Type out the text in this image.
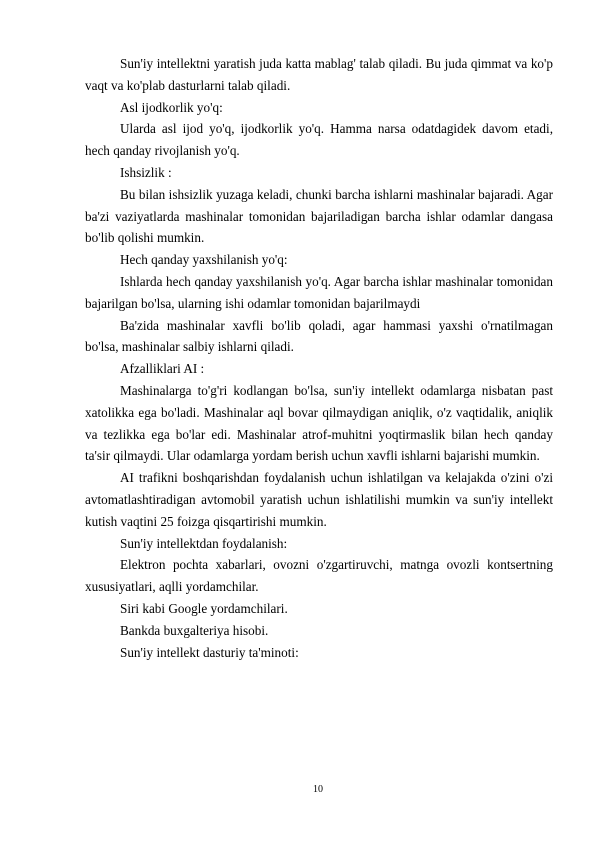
Sun'iy intellektni yaratish juda katta mablag' talab qiladi. Bu juda qimmat va ko'p vaqt va ko'plab dasturlarni talab qiladi.

Asl ijodkorlik yo'q:

Ularda asl ijod yo'q, ijodkorlik yo'q. Hamma narsa odatdagidek davom etadi, hech qanday rivojlanish yo'q.

Ishsizlik :

Bu bilan ishsizlik yuzaga keladi, chunki barcha ishlarni mashinalar bajaradi. Agar ba'zi vaziyatlarda mashinalar tomonidan bajariladigan barcha ishlar odamlar dangasa bo'lib qolishi mumkin.

Hech qanday yaxshilanish yo'q:

Ishlarda hech qanday yaxshilanish yo'q. Agar barcha ishlar mashinalar tomonidan bajarilgan bo'lsa, ularning ishi odamlar tomonidan bajarilmaydi

Ba'zida mashinalar xavfli bo'lib qoladi, agar hammasi yaxshi o'rnatilmagan bo'lsa, mashinalar salbiy ishlarni qiladi.

Afzalliklari AI :

Mashinalarga to'g'ri kodlangan bo'lsa, sun'iy intellekt odamlarga nisbatan past xatolikka ega bo'ladi. Mashinalar aql bovar qilmaydigan aniqlik, o'z vaqtidalik, aniqlik va tezlikka ega bo'lar edi. Mashinalar atrof-muhitni yoqtirmaslik bilan hech qanday ta'sir qilmaydi. Ular odamlarga yordam berish uchun xavfli ishlarni bajarishi mumkin.

AI trafikni boshqarishdan foydalanish uchun ishlatilgan va kelajakda o'zini o'zi avtomatlashtiradigan avtomobil yaratish uchun ishlatilishi mumkin va sun'iy intellekt kutish vaqtini 25 foizga qisqartirishi mumkin.

Sun'iy intellektdan foydalanish:

Elektron pochta xabarlari, ovozni o'zgartiruvchi, matnga ovozli kontsertning xususiyatlari, aqlli yordamchilar.

Siri kabi Google yordamchilari.

Bankda buxgalteriya hisobi.

Sun'iy intellekt dasturiy ta'minoti:

10
